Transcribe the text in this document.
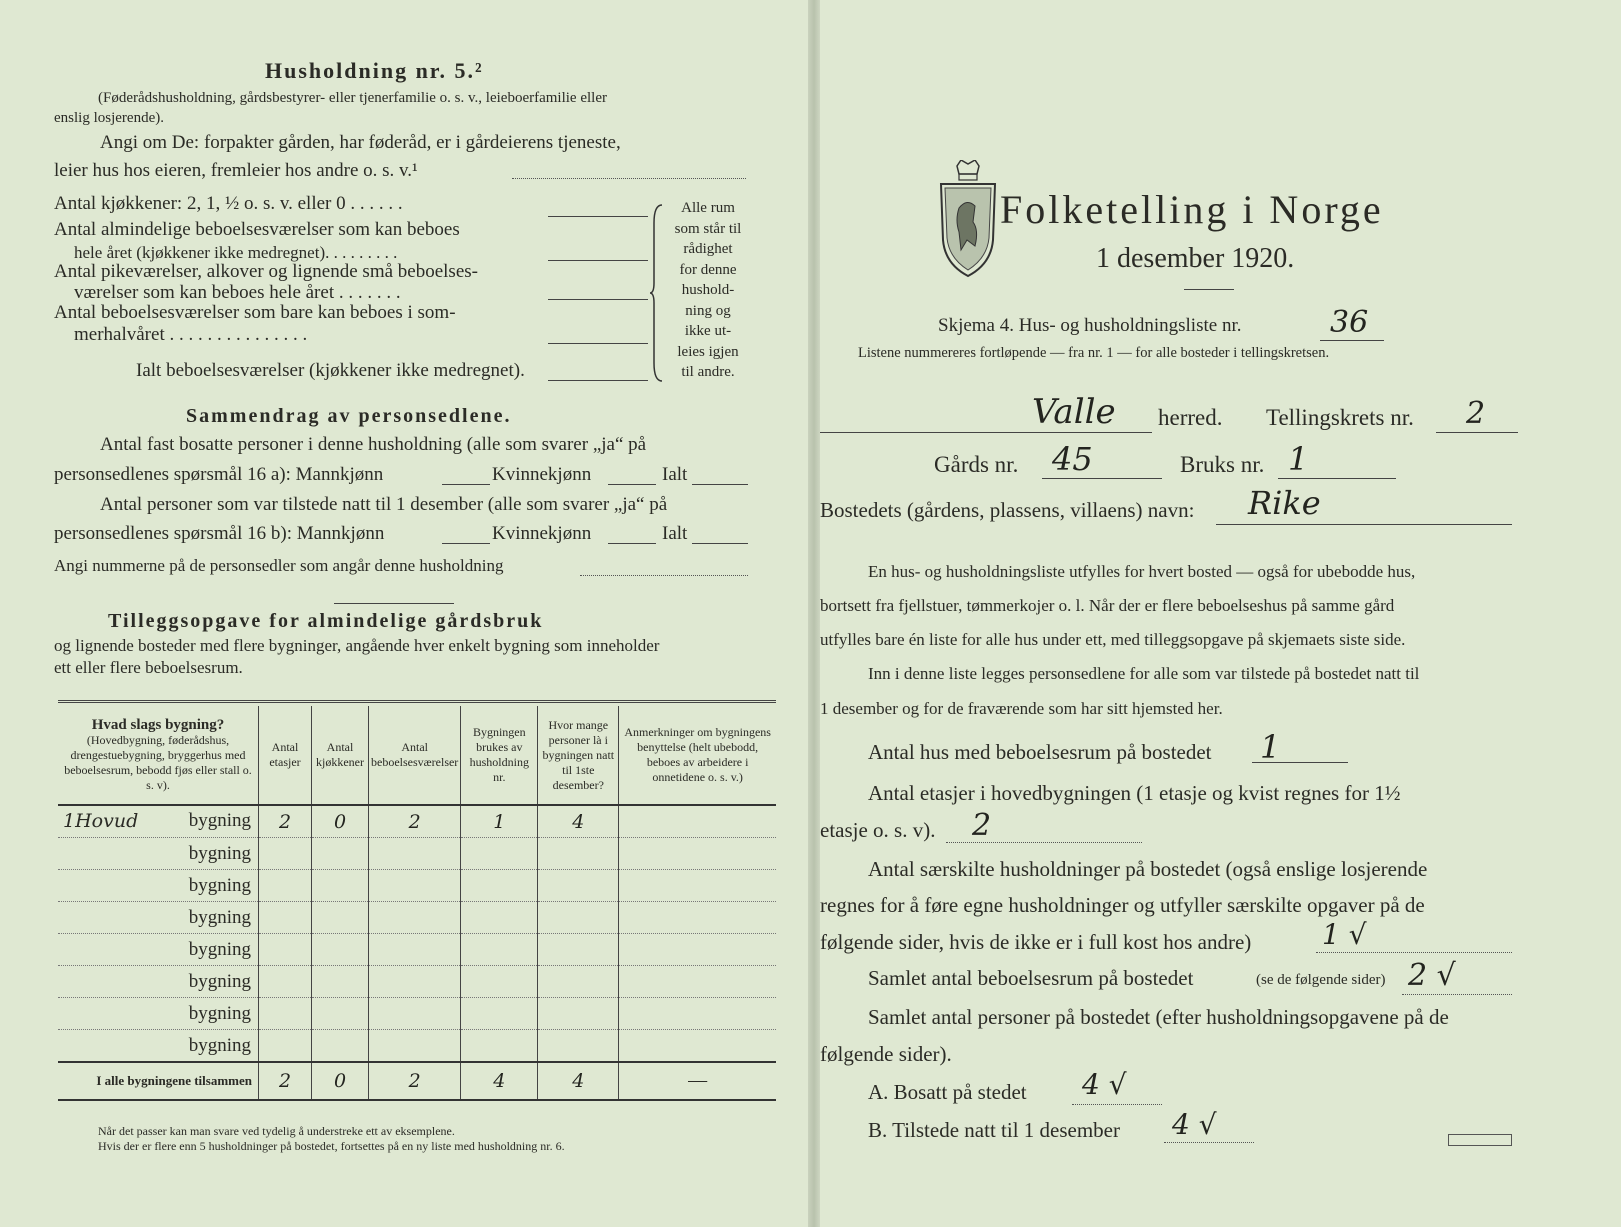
Husholdning nr. 5.²
(Føderådshusholdning, gårdsbestyrer- eller tjenerfamilie o. s. v., leieboerfamilie eller
enslig losjerende).
Angi om De: forpakter gården, har føderåd, er i gårdeierens tjeneste,
leier hus hos eieren, fremleier hos andre o. s. v.¹
Antal kjøkkener: 2, 1, ½ o. s. v. eller 0 . . . . . .
Antal almindelige beboelsesværelser som kan beboes
hele året (kjøkkener ikke medregnet). . . . . . . . .
Antal pikeværelser, alkover og lignende små beboelses-
værelser som kan beboes hele året . . . . . . .
Antal beboelsesværelser som bare kan beboes i som-
merhalvåret . . . . . . . . . . . . . . .
Ialt beboelsesværelser (kjøkkener ikke medregnet).
Alle rum
som står til
rådighet
for denne
hushold-
ning og
ikke ut-
leies igjen
til andre.
Sammendrag av personsedlene.
Antal fast bosatte personer i denne husholdning (alle som svarer „ja“ på
personsedlenes spørsmål 16 a): Mannkjønn	Kvinnekjønn	Ialt
Antal personer som var tilstede natt til 1 desember (alle som svarer „ja“ på
personsedlenes spørsmål 16 b): Mannkjønn	Kvinnekjønn	Ialt
Angi nummerne på de personsedler som angår denne husholdning
Tilleggsopgave for almindelige gårdsbruk
og lignende bosteder med flere bygninger, angående hver enkelt bygning som inneholder
ett eller flere beboelsesrum.
Hvad slags bygning?
(Hovedbygning, føderådshus, drengestuebygning, bryggerhus med beboelsesrum, bebodd fjøs eller stall o. s. v).	Antal etasjer	Antal kjøkkener	Antal beboelsesværelser	Bygningen brukes av husholdning nr.	Hvor mange personer là i bygningen natt til 1ste desember?	Anmerkninger om bygningens benyttelse (helt ubebodd, beboes av arbeidere i onnetidene o. s. v.)
1Hovud bygning	2	0	2	1	4	

bygning						

bygning						

bygning						

bygning						

bygning						

bygning						

bygning						

I alle bygningene tilsammen	2	0	2	4	4	—
Når det passer kan man svare ved tydelig å understreke ett av eksemplene.
Hvis der er flere enn 5 husholdninger på bostedet, fortsettes på en ny liste med husholdning nr. 6.
Folketelling i Norge
1 desember 1920.
Skjema 4. Hus- og husholdningsliste nr.	36
Listene nummereres fortløpende — fra nr. 1 — for alle bosteder i tellingskretsen.
Valle herred. Tellingskrets nr. 2
Gårds nr. 45	Bruks nr. 1
Bostedets (gårdens, plassens, villaens) navn: Rike
En hus- og husholdningsliste utfylles for hvert bosted — også for ubebodde hus,
bortsett fra fjellstuer, tømmerkojer o. l. Når der er flere beboelseshus på samme gård
utfylles bare én liste for alle hus under ett, med tilleggsopgave på skjemaets siste side.
Inn i denne liste legges personsedlene for alle som var tilstede på bostedet natt til
1 desember og for de fraværende som har sitt hjemsted her.
Antal hus med beboelsesrum på bostedet 1
Antal etasjer i hovedbygningen (1 etasje og kvist regnes for 1½
etasje o. s. v). 2
Antal særskilte husholdninger på bostedet (også enslige losjerende
regnes for å føre egne husholdninger og utfyller særskilte opgaver på de
følgende sider, hvis de ikke er i full kost hos andre)	1 √
Samlet antal beboelsesrum på bostedet	(se de følgende sider) 2 √
Samlet antal personer på bostedet (efter husholdningsopgavene på de
følgende sider).
A. Bosatt på stedet 4 √
B. Tilstede natt til 1 desember 4 √
